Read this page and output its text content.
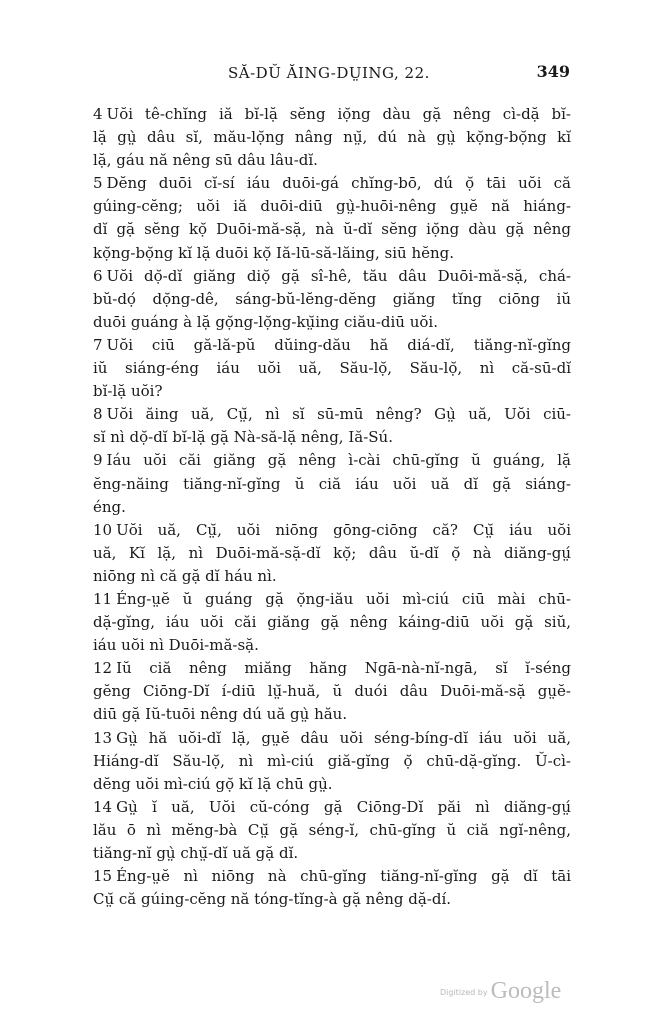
SĂ-DŬ ĂING-DṲING, 22.	349

4 Uŏi tê-chĭng iă bĭ-lặ sĕng iọ̆ng dàu gặ nêng cì-dặ bĭ-
lặ gṳ̀ dâu sĭ, mău-lọ̆ng nâng nṳ̆, dú nà gṳ̀ kọ̆ng-bọ̆ng kĭ
lặ, gáu nă nêng sū dâu lâu-dĭ.

5 Dĕng duōi cĭ-sí iáu duōi-gá chĭng-bō, dú ọ̆ tāi uŏi că
gúing-cĕng; uŏi iă duōi-diū gṳ̀-huōi-nêng gṳĕ nă hiáng-
dĭ gặ sĕng kọ̆ Duōi-mă-sặ, nà ŭ-dĭ sĕng iọ̆ng dàu gặ nêng
kọ̆ng-bọ̆ng kĭ lặ duōi kọ̆ Iă-lū-să-lăing, siū hĕng.

6 Uŏi dọ̆-dĭ giăng diọ̆ gặ sî-hê, tău dâu Duōi-mă-sặ, chá-
bŭ-dọ́ dọ̆ng-dê, sáng-bŭ-lĕng-dĕng giăng tĭng ciōng iŭ
duōi guáng à lặ gọ̆ng-lọ̆ng-kṳ̆ing ciău-diū uŏi.

7 Uŏi ciū gă-lă-pŭ dŭing-dău hă diá-dĭ, tiăng-nĭ-gĭng
iŭ siáng-éng iáu uŏi uă, Său-lọ̆, Său-lọ̆, nì că-sū-dĭ
bĭ-lặ uŏi?

8 Uŏi ăing uă, Cṳ̆, nì sĭ sū-mū nêng? Gṳ̀ uă, Uŏi ciū-
sĭ nì dọ̆-dĭ bĭ-lặ gặ Nà-să-lặ nêng, Iă-Sú.

9 Iáu uŏi căi giăng gặ nêng ì-cài chū-gĭng ŭ guáng, lặ
ĕng-năing tiăng-nĭ-gĭng ŭ ciă iáu uŏi uă dĭ gặ siáng-
éng.

10 Uŏi uă, Cṳ̆, uŏi niōng gōng-ciōng că? Cṳ̆ iáu uŏi
uă, Kĭ lặ, nì Duōi-mă-sặ-dĭ kọ̆; dâu ŭ-dĭ ọ̆ nà diăng-gṳ́
niōng nì că gặ dĭ háu nì.

11 Éng-ṳĕ ŭ guáng gặ ọ̆ng-iău uŏi mì-ciú ciū mài chū-
dặ-gĭng, iáu uŏi căi giăng gặ nêng káing-diū uŏi gặ siŭ,
iáu uŏi nì Duōi-mă-sặ.

12 Iŭ ciă nêng miăng hăng Ngā-nà-nĭ-ngā, sĭ ĭ-séng
gĕng Ciōng-Dĭ í-diū lṳ̆-huă, ŭ duói dâu Duōi-mă-sặ gṳĕ-
diū gặ Iŭ-tuōi nêng dú uă gṳ̀ hău.

13 Gṳ̀ hă uŏi-dĭ lặ, gṳĕ dâu uŏi séng-bíng-dĭ iáu uŏi uă,
Hiáng-dĭ Său-lọ̆, nì mì-ciú giă-gĭng ọ̆ chū-dặ-gĭng. Ŭ-cì-
dĕng uŏi mì-ciú gọ̆ kĭ lặ chū gṳ̀.

14 Gṳ̀ ĭ uă, Uŏi cŭ-cóng gặ Ciōng-Dĭ păi nì diăng-gṳ́
lău ō nì mĕng-bà Cṳ̆ gặ séng-ĭ, chū-gĭng ŭ ciă ngĭ-nêng,
tiăng-nĭ gṳ̀ chṳ̆-dĭ uă gặ dĭ.

15 Éng-ṳĕ nì niōng nà chū-gĭng tiăng-nĭ-gĭng gặ dĭ tāi
Cṳ̆ că gúing-cĕng nă tóng-tĭng-à gặ nêng dặ-dí.

Digitized by Google
